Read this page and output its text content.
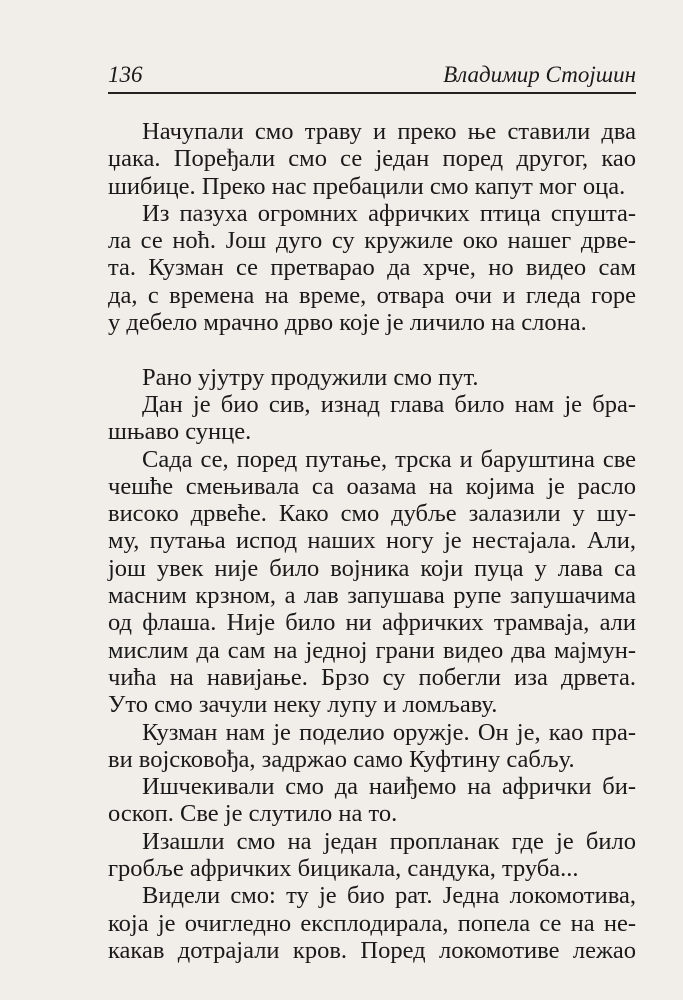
136	Владимир Стојшин
Начупали смо траву и преко ње ставили два
џака. Поређали смо се један поред другог, као
шибице. Преко нас пребацили смо капут мог оца.
Из пазуха огромних афричких птица спушта-
ла се ноћ. Још дуго су кружиле око нашег дрве-
та. Кузман се претварао да хрче, но видео сам
да, с времена на време, отвара очи и гледа горе
у дебело мрачно дрво које је личило на слона.
Рано ујутру продужили смо пут.
Дан је био сив, изнад глава било нам је бра-
шњаво сунце.
Сада се, поред путање, трска и баруштина све
чешће смењивала са оазама на којима је расло
високо дрвеће. Како смо дубље залазили у шу-
му, путања испод наших ногу је нестајала. Али,
још увек није било војника који пуца у лава са
масним крзном, а лав запушава рупе запушачима
од флаша. Није било ни афричких трамваја, али
мислим да сам на једној грани видео два мајмун-
чића на навијање. Брзо су побегли иза дрвета.
Уто смо зачули неку лупу и ломљаву.
Кузман нам је поделио оружје. Он је, као пра-
ви војсковођа, задржао само Куфтину сабљу.
Ишчекивали смо да наиђемо на афрички би-
оскоп. Све је слутило на то.
Изашли смо на један пропланак где је било
гробље афричких бицикала, сандука, труба...
Видели смо: ту је био рат. Једна локомотива,
која је очигледно експлодирала, попела се на не-
какав дотрајали кров. Поред локомотиве лежао
